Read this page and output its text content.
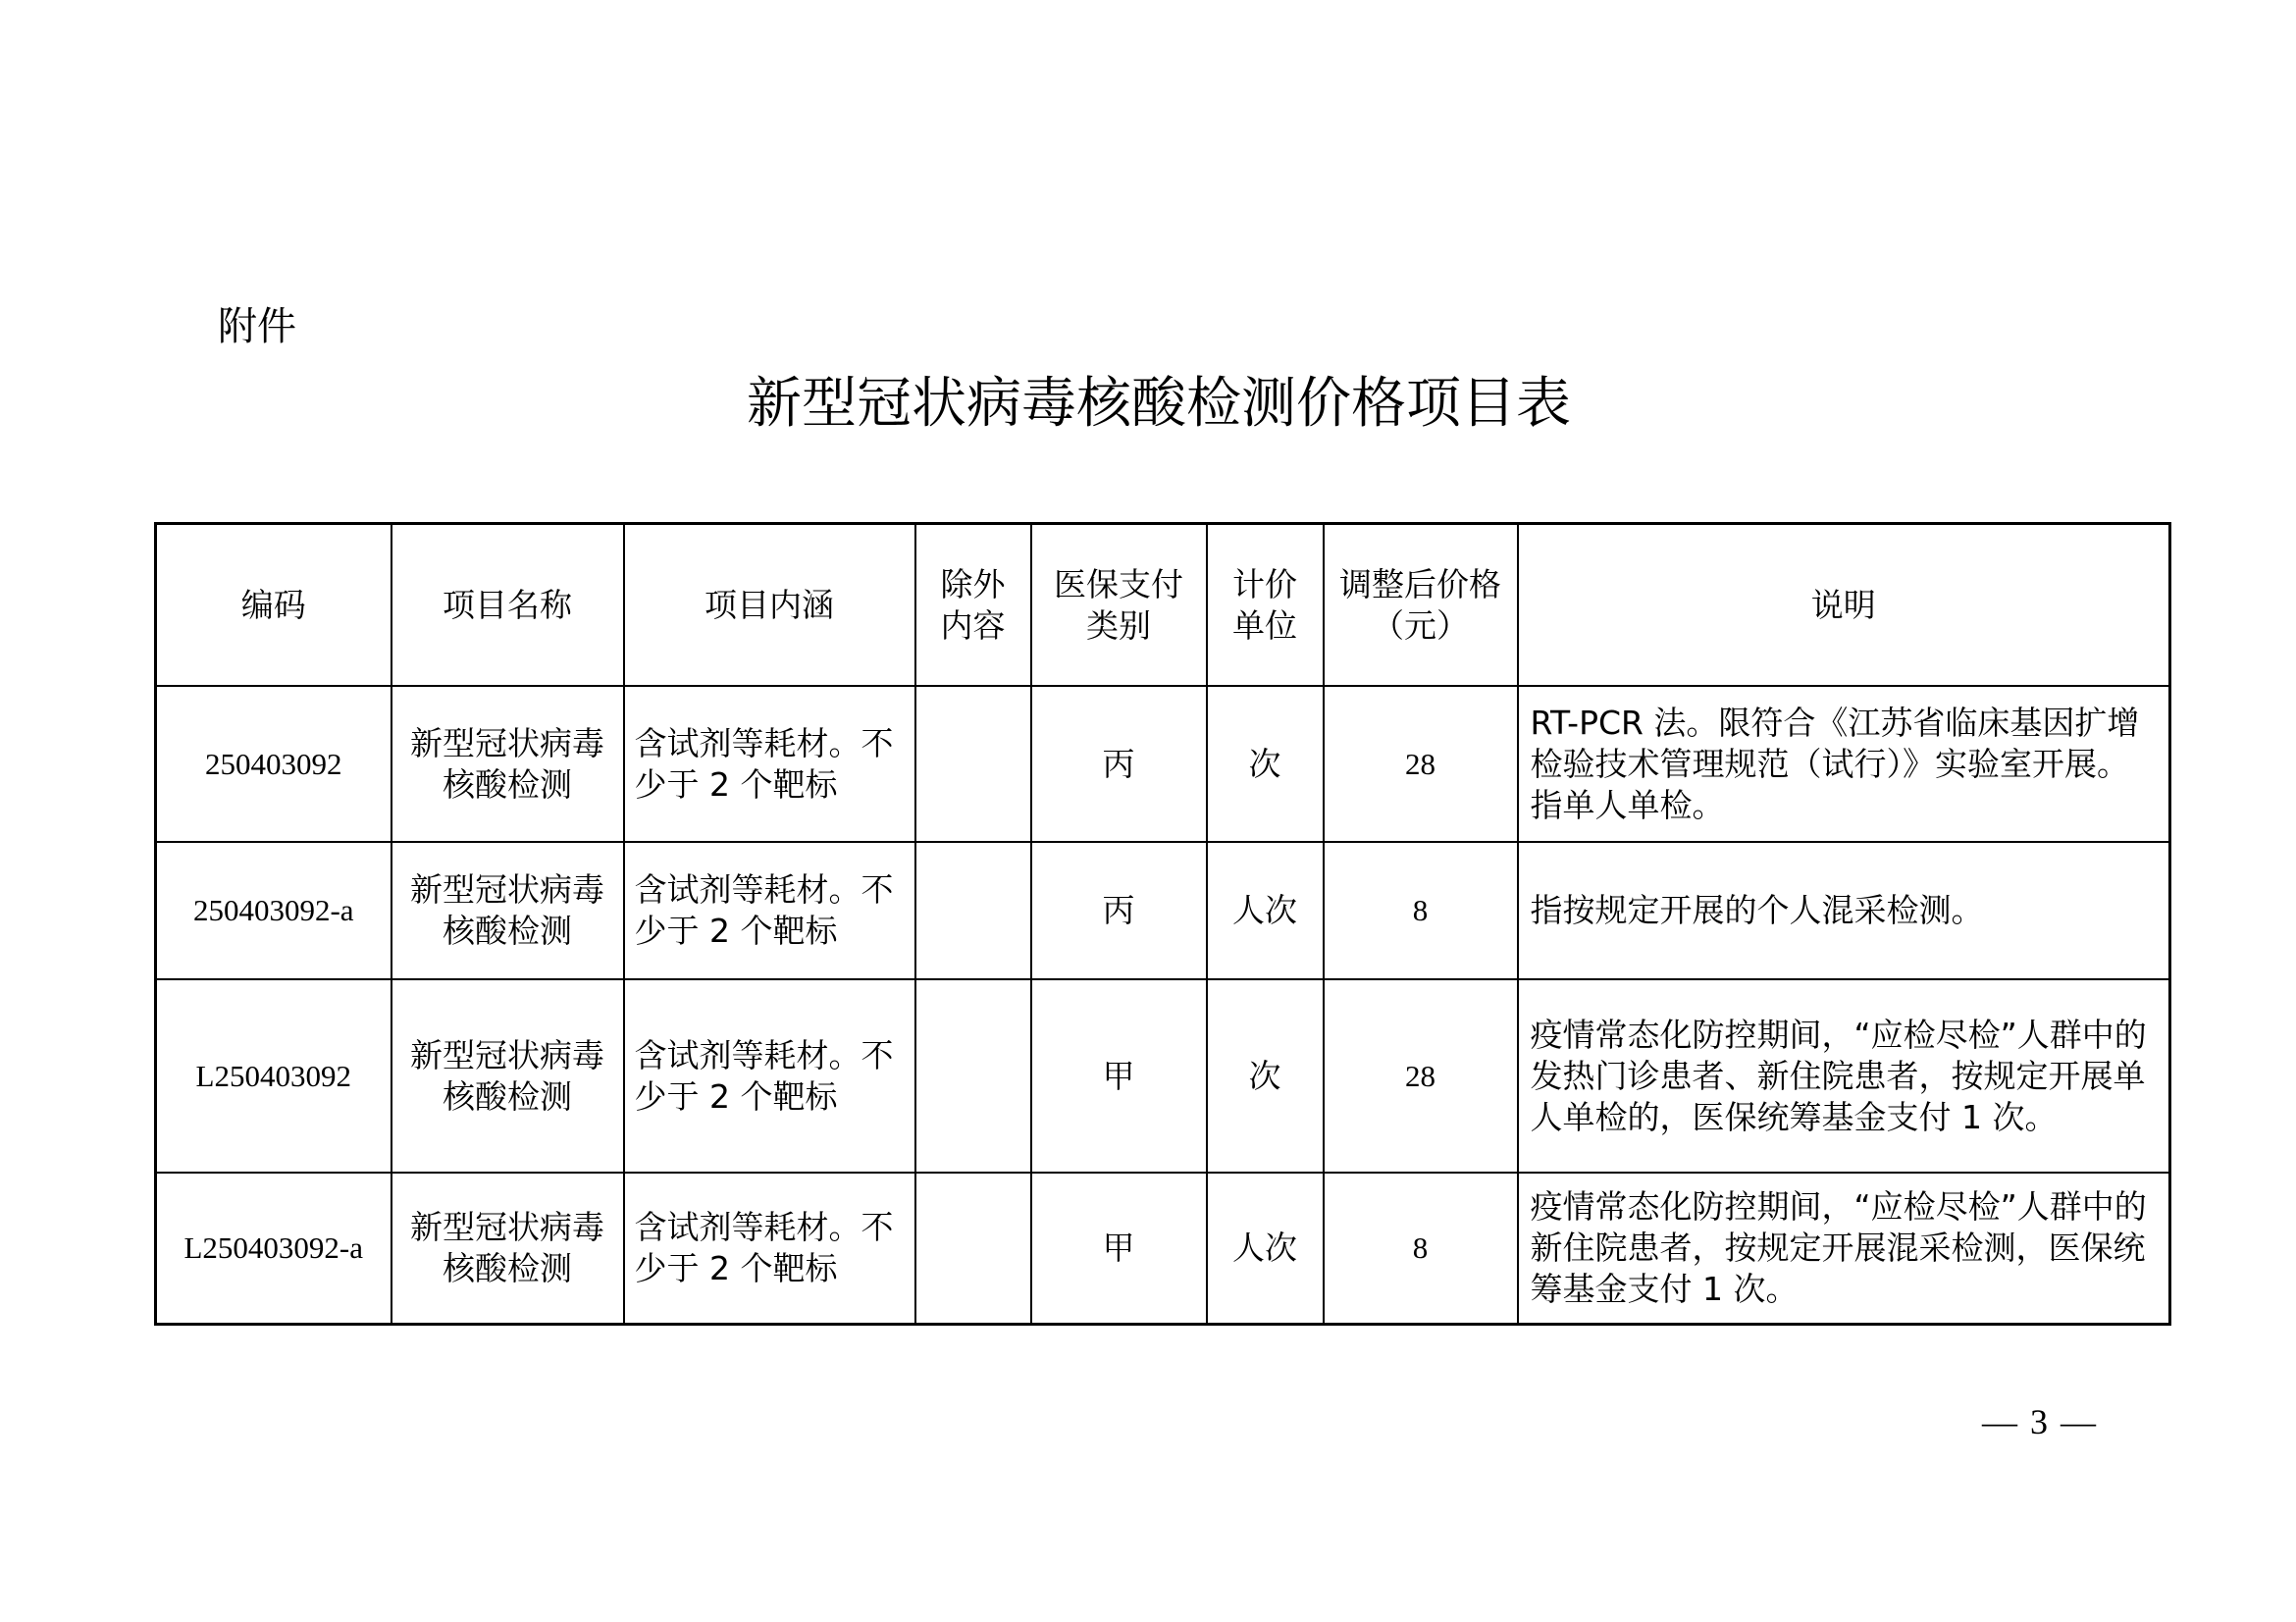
附件
新型冠状病毒核酸检测价格项目表
编码	项目名称	项目内涵	除外内容	医保支付类别	计价单位	调整后价格（元）	说明
250403092	新型冠状病毒核酸检测	含试剂等耗材。不少于 2 个靶标		丙	次	28	RT-PCR 法。限符合《江苏省临床基因扩增检验技术管理规范（试行）》实验室开展。指单人单检。
250403092-a	新型冠状病毒核酸检测	含试剂等耗材。不少于 2 个靶标		丙	人次	8	指按规定开展的个人混采检测。
L250403092	新型冠状病毒核酸检测	含试剂等耗材。不少于 2 个靶标		甲	次	28	疫情常态化防控期间，“应检尽检”人群中的发热门诊患者、新住院患者，按规定开展单人单检的，医保统筹基金支付 1 次。
L250403092-a	新型冠状病毒核酸检测	含试剂等耗材。不少于 2 个靶标		甲	人次	8	疫情常态化防控期间，“应检尽检”人群中的新住院患者，按规定开展混采检测，医保统筹基金支付 1 次。
— 3 —
